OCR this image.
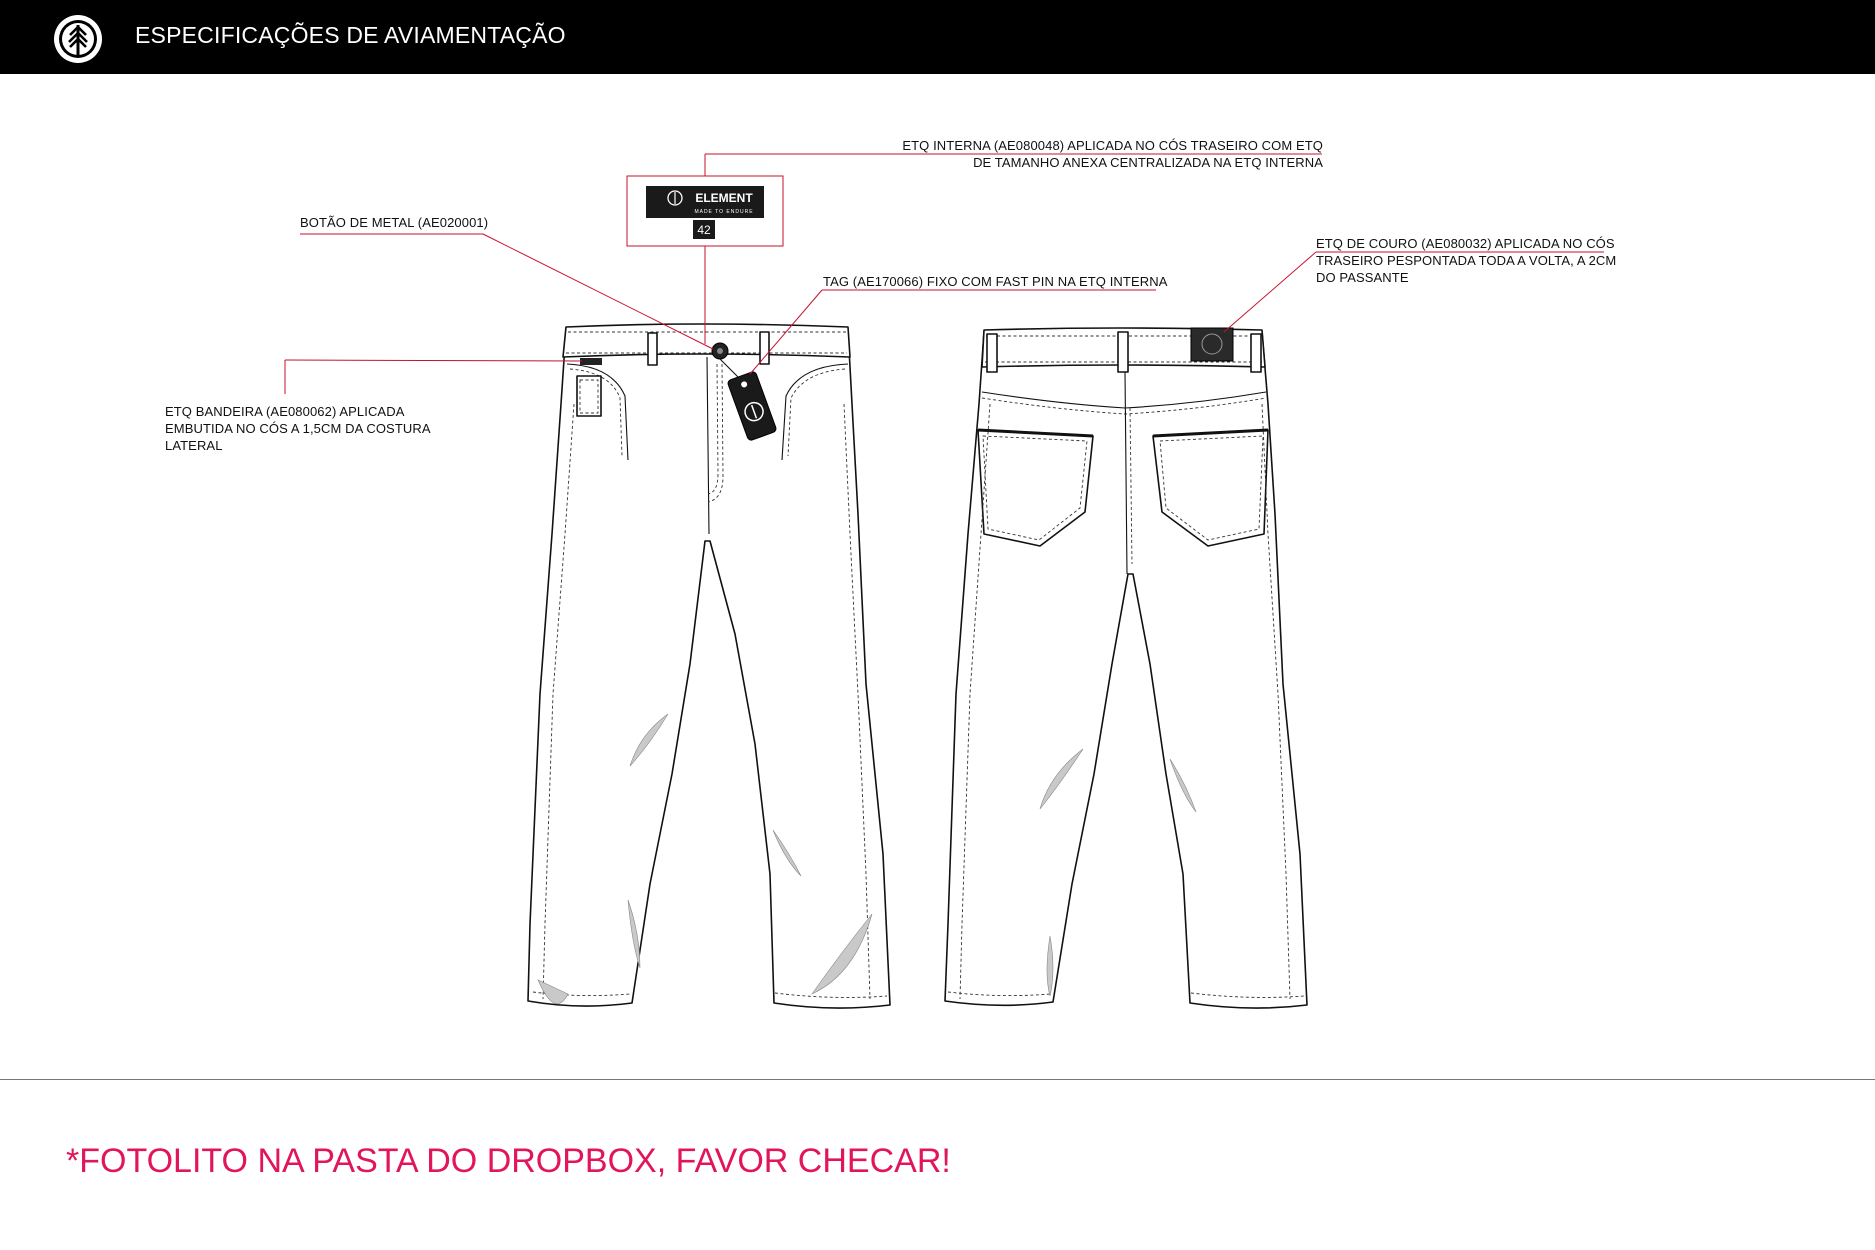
ESPECIFICAÇÕES DE AVIAMENTAÇÃO
ELEMENT
MADE TO ENDURE
42
ETQ INTERNA (AE080048) APLICADA NO CÓS TRASEIRO COM ETQ
DE TAMANHO ANEXA CENTRALIZADA NA ETQ INTERNA
BOTÃO DE METAL (AE020001)
TAG (AE170066) FIXO COM FAST PIN NA ETQ INTERNA
ETQ DE COURO (AE080032) APLICADA NO CÓS
TRASEIRO PESPONTADA TODA A VOLTA, A 2CM
DO PASSANTE
ETQ BANDEIRA (AE080062) APLICADA
EMBUTIDA NO CÓS A 1,5CM DA COSTURA
LATERAL
*FOTOLITO NA PASTA DO DROPBOX, FAVOR CHECAR!
